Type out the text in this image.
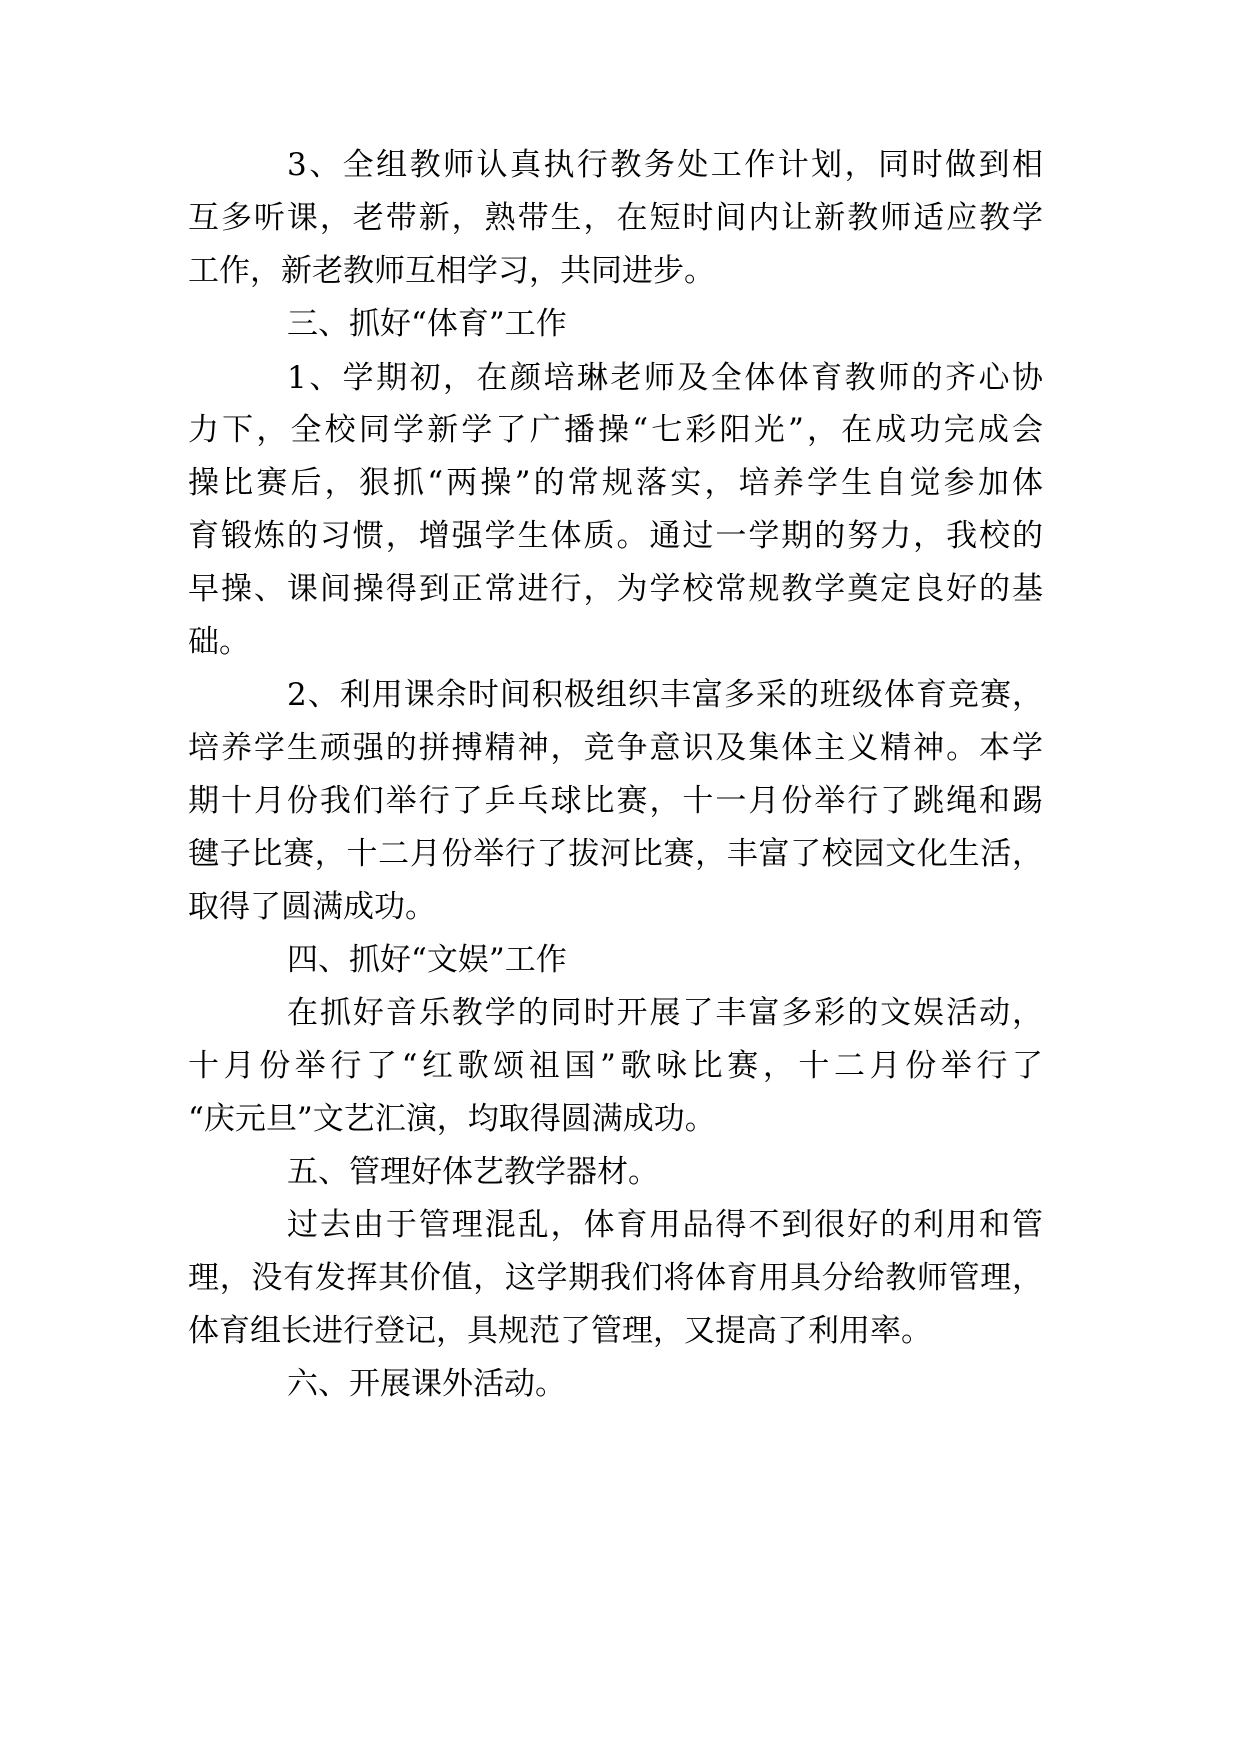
3、全组教师认真执行教务处工作计划，同时做到相
互多听课，老带新，熟带生，在短时间内让新教师适应教学
工作，新老教师互相学习，共同进步。
三、抓好“体育”工作
1、学期初，在颜培琳老师及全体体育教师的齐心协
力下，全校同学新学了广播操“七彩阳光”，在成功完成会
操比赛后，狠抓“两操”的常规落实，培养学生自觉参加体
育锻炼的习惯，增强学生体质。通过一学期的努力，我校的
早操、课间操得到正常进行，为学校常规教学奠定良好的基
础。
2、利用课余时间积极组织丰富多采的班级体育竞赛，
培养学生顽强的拼搏精神，竞争意识及集体主义精神。本学
期十月份我们举行了乒乓球比赛，十一月份举行了跳绳和踢
毽子比赛，十二月份举行了拔河比赛，丰富了校园文化生活，
取得了圆满成功。
四、抓好“文娱”工作
在抓好音乐教学的同时开展了丰富多彩的文娱活动，
十月份举行了“红歌颂祖国”歌咏比赛，十二月份举行了
“庆元旦”文艺汇演，均取得圆满成功。
五、管理好体艺教学器材。
过去由于管理混乱，体育用品得不到很好的利用和管
理，没有发挥其价值，这学期我们将体育用具分给教师管理，
体育组长进行登记，具规范了管理，又提高了利用率。
六、开展课外活动。
